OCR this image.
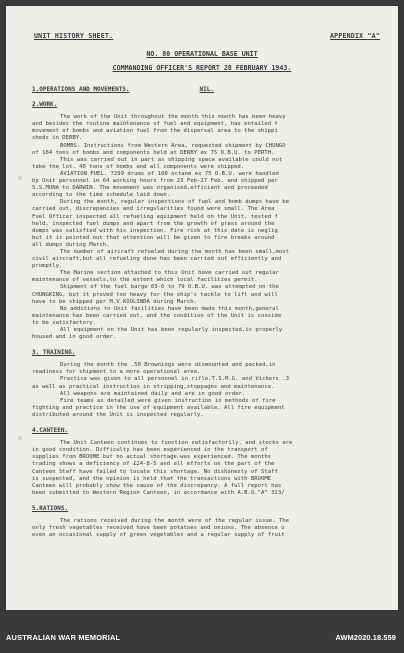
UNIT HISTORY SHEET.	APPENDIX "A"
NO. 80 OPERATIONAL BASE UNIT
COMMANDING OFFICER'S REPORT 28 FEBRUARY 1943.
1.OPERATIONS AND MOVEMENTS.	NIL.
2.WORK.
The work of the Unit throughout the month this month has been heavy
and besides the routine maintenance of fuel and equipment, has entailed t
movement of bombs and aviation fuel from the dispersal area to the shippi
sheds in DERBY.
BOMBS. Instructions from Western Area, requested shipment by CHUNGO
of 184 tons of bombs and components held at DERBY ex 75 O.B.U. to PERTH.
This was carried out in part as shipping space available could not
take the lot. 40 tons of bombs and all components were shipped.
AVIATION FUEL. 7299 drums of 100 octane ex 75 O.B.U. were handled
by Unit personnel in 64 working hours from 23 Feb-27 Feb, and shipped per
S.S.MUNA to DARWIN. The movement was organised,efficient and proceeded
according to the time schedule laid down.
During the month, regular inspections of fuel and bomb dumps have be
carried out, discrepancies and irregularities found were small. The Area
Fuel Officer inspected all refueling equipment held on the Unit, tested f
held, inspected fuel dumps and apart from the growth of grass around the
dumps was satisfied with his inspection. Fire risk at this date is neglig
but it is pointed out that attention will be given to fire breaks around
all dumps during March.
The number of aircraft refueled during the month has been small,most
civil aircraft,but all refueling done has been carried out efficiently and
promptly.
The Marine section attached to this Unit have carried out regular
maintenance of vessels,to the extent which local facilities permit.
Shipment of the fuel barge 03-6 to 79 O.B.U. was attempted on the
CHUNGKING, but it proved too heavy for the ship's tackle to lift and will
have to be shipped per M.V.KOOLINDA during March.
No additions to Unit facilities have been made this month,general
maintenance has been carried out, and the condition of the Unit is conside
to be satisfactory.
All equipment on the Unit has been regularly inspected,is properly
housed and in good order.
3. TRAINING.
During the month the .50 Brownings were dismounted and packed,in
readiness for shipment to a more operational area.
Practice was given to all personnel in rifle,T.S.M.G. and Vickers .3
as well as practical instruction in stripping,stoppages and maintenance.
All weapons are maintained daily and are in good order.
Fire teams as detailed were given instruction in methods of fire
fighting and practice in the use of equipment available. All fire equipment
distributed around the Unit is inspected regularly.
4.CANTEEN.
The Unit Canteen continues to function satisfactorily, and stocks are
in good condition. Difficulty has been experienced in the transport of
supplies from BROOME but no actual shortage was experienced. The months
trading shows a deficiency of £24-8-5 and all efforts on the part of the
Canteen Staff have failed to locate this shortage. No dishonesty of Staff
is suspected, and the opinion is held that the transactions with BROOME
Canteen will probably show the cause of the discrepancy. A full report has
been submitted to Western Region Canteen, in accordance with A.B.O."A" 323/
5.RATIONS.
The rations received during the month were of the regular issue. The
only fresh vegetables received have been potatoes and onions. The absence o
even an occasional supply of green vegetables and a regular supply of fruit
AUSTRALIAN WAR MEMORIAL	AWM2020.18.559
